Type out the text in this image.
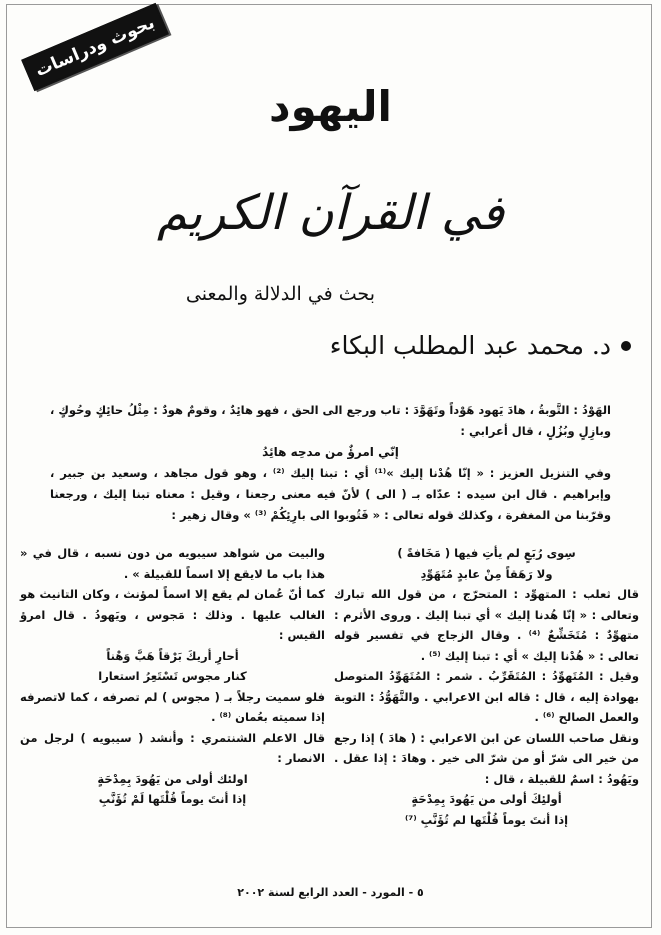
بحوث ودراسات
اليهود
في القرآن الكريم
بحث في الدلالة والمعنى
د. محمد عبد المطلب البكاء

الهَوْدُ : التَّوبةُ ، هادَ يَهود هَوْداً وتَهَوَّدَ : تاب ورجع الى الحق ، فهو هائِدٌ ، وقومٌ هودٌ : مِثْلُ حائِكٍ وحُوكٍ ، وبازِلٍ وبُزُلٍ ، قال أعرابي :

إنّي امرؤٌ من مدحِه هائِدُ

وفي التنزيل العزيز : « إنّا هُدْنا إليك »⁽¹⁾ أي : تبنا إليك ⁽²⁾ ، وهو قول مجاهد ، وسعيد بن جبير ، وإبراهيم . قال ابن سيده : عدّاه بـ ( الى ) لأنّ فيه معنى رجعنا ، وقيل : معناه تبنا إليك ، ورجعنا وقرّبنا من المغفرة ، وكذلك قوله تعالى : « فَتُوبوا الى بارِئِكُمْ ⁽³⁾ » وقال زهير :

سِوى رُبَعٍ لم يأتِ فيها ( مَخَافةً )

ولا رَهَقاً مِنْ عابدٍ مُتَهَوِّدِ

قال ثعلب : المتهوِّد : المتحرّج ، من قول الله تبارك وتعالى : « إنّا هُدنا إليك » أي تبنا إليك . وروى الأثرم : متهوِّدٌ : مُتَخَشِّعٌ ⁽⁴⁾ . وقال الزجاج في تفسير قوله تعالى : « هُدْنا إليك » أي : تبنا إليك ⁽⁵⁾ .

وقيل : المُتَهوِّدُ : المُتَقَرِّبُ . شمر : المُتَهَوِّدُ المتوصل بهوادة إليه ، قال : قاله ابن الاعرابي . والتَّهَوُّدُ : التوبة والعمل الصالح ⁽⁶⁾ .

ونقل صاحب اللسان عن ابن الاعرابي : ( هادَ ) إذا رجع من خير الى شرّ أو من شرّ الى خير . وهادَ : إذا عقل . ويَهُودُ : اسمٌ للقبيلة ، قال :

أولئِكَ أولى من يَهُودَ بِمِدْحَةٍ

إذا أنتَ يوماً قُلْتَها لم تُؤَنَّبِ ⁽⁷⁾

والبيت من شواهد سيبويه من دون نسبه ، قال في « هذا باب ما لايقع إلا اسماً للقبيلة » .

كما أنّ عُمان لم يقع إلا اسماً لمؤنث ، وكان التانيث هو الغالب عليها . وذلك : مَجوس ، ويَهودُ . قال امرؤ القيس :

أحارِ أريكَ بَرْقاً هَبَّ وَهْناً

كنار مجوس تَسْتَعِرُ استعارا

فلو سميت رجلاً بـ ( مجوس ) لم تصرفه ، كما لاتصرفه إذا سميته بعُمان ⁽⁸⁾ .

قال الاعلم الشنتمري : وأنشد ( سيبويه ) لرجل من الانصار :

اولئك أولى من يَهُودَ بِمِدْحَةٍ

إذا أنتَ يوماً قُلْتَها لَمْ تُؤَنَّبِ

٥ - المورد - العدد الرابع لسنة ٢٠٠٢
